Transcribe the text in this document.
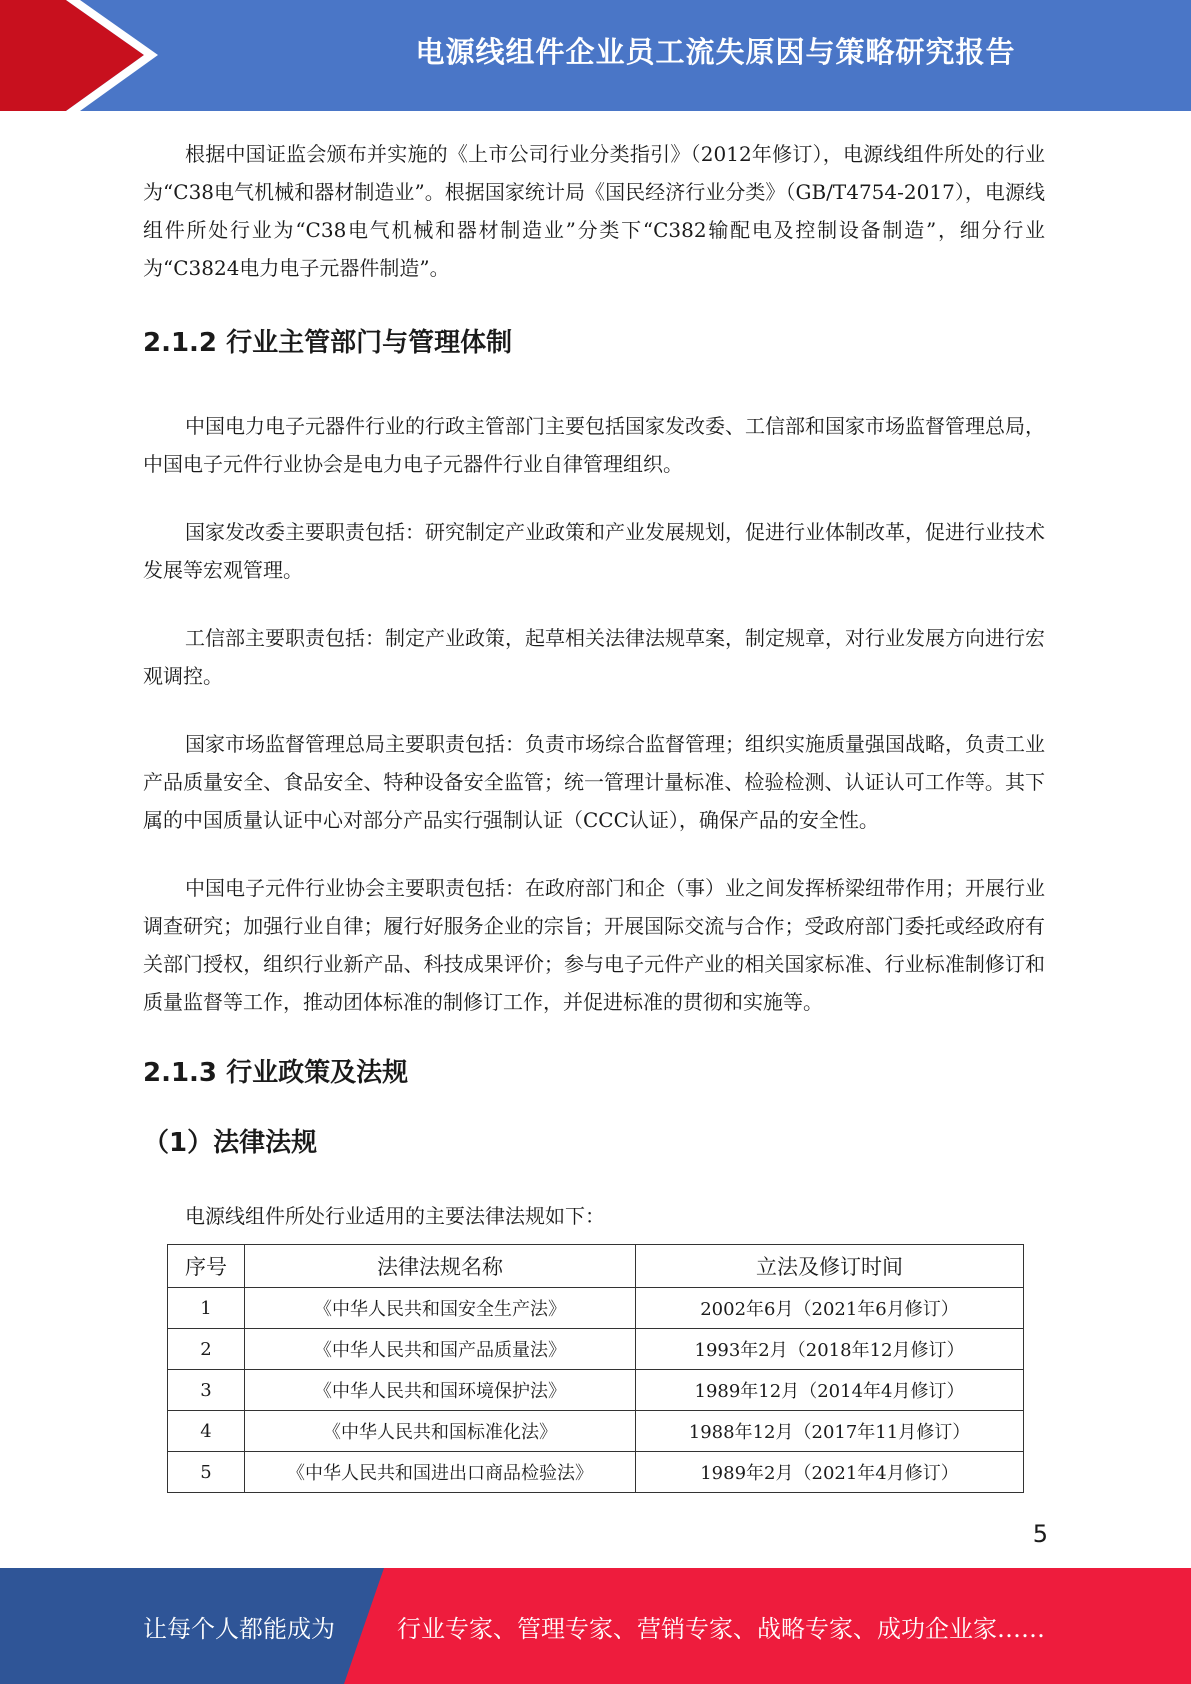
电源线组件企业员工流失原因与策略研究报告

根据中国证监会颁布并实施的《上市公司行业分类指引》（2012年修订），电源线组件所处的行业为“C38电气机械和器材制造业”。根据国家统计局《国民经济行业分类》（GB/T4754-2017），电源线组件所处行业为“C38电气机械和器材制造业”分类下“C382输配电及控制设备制造”，细分行业为“C3824电力电子元器件制造”。

2.1.2 行业主管部门与管理体制

中国电力电子元器件行业的行政主管部门主要包括国家发改委、工信部和国家市场监督管理总局，中国电子元件行业协会是电力电子元器件行业自律管理组织。

国家发改委主要职责包括：研究制定产业政策和产业发展规划，促进行业体制改革，促进行业技术发展等宏观管理。

工信部主要职责包括：制定产业政策，起草相关法律法规草案，制定规章，对行业发展方向进行宏观调控。

国家市场监督管理总局主要职责包括：负责市场综合监督管理；组织实施质量强国战略，负责工业产品质量安全、食品安全、特种设备安全监管；统一管理计量标准、检验检测、认证认可工作等。其下属的中国质量认证中心对部分产品实行强制认证（CCC认证），确保产品的安全性。

中国电子元件行业协会主要职责包括：在政府部门和企（事）业之间发挥桥梁纽带作用；开展行业调查研究；加强行业自律；履行好服务企业的宗旨；开展国际交流与合作；受政府部门委托或经政府有关部门授权，组织行业新产品、科技成果评价；参与电子元件产业的相关国家标准、行业标准制修订和质量监督等工作，推动团体标准的制修订工作，并促进标准的贯彻和实施等。

2.1.3 行业政策及法规
（1）法律法规

电源线组件所处行业适用的主要法律法规如下：

序号	法律法规名称	立法及修订时间
1	《中华人民共和国安全生产法》	2002年6月（2021年6月修订）
2	《中华人民共和国产品质量法》	1993年2月（2018年12月修订）
3	《中华人民共和国环境保护法》	1989年12月（2014年4月修订）
4	《中华人民共和国标准化法》	1988年12月（2017年11月修订）
5	《中华人民共和国进出口商品检验法》	1989年2月（2021年4月修订）
5
让每个人都能成为	行业专家、管理专家、营销专家、战略专家、成功企业家……
